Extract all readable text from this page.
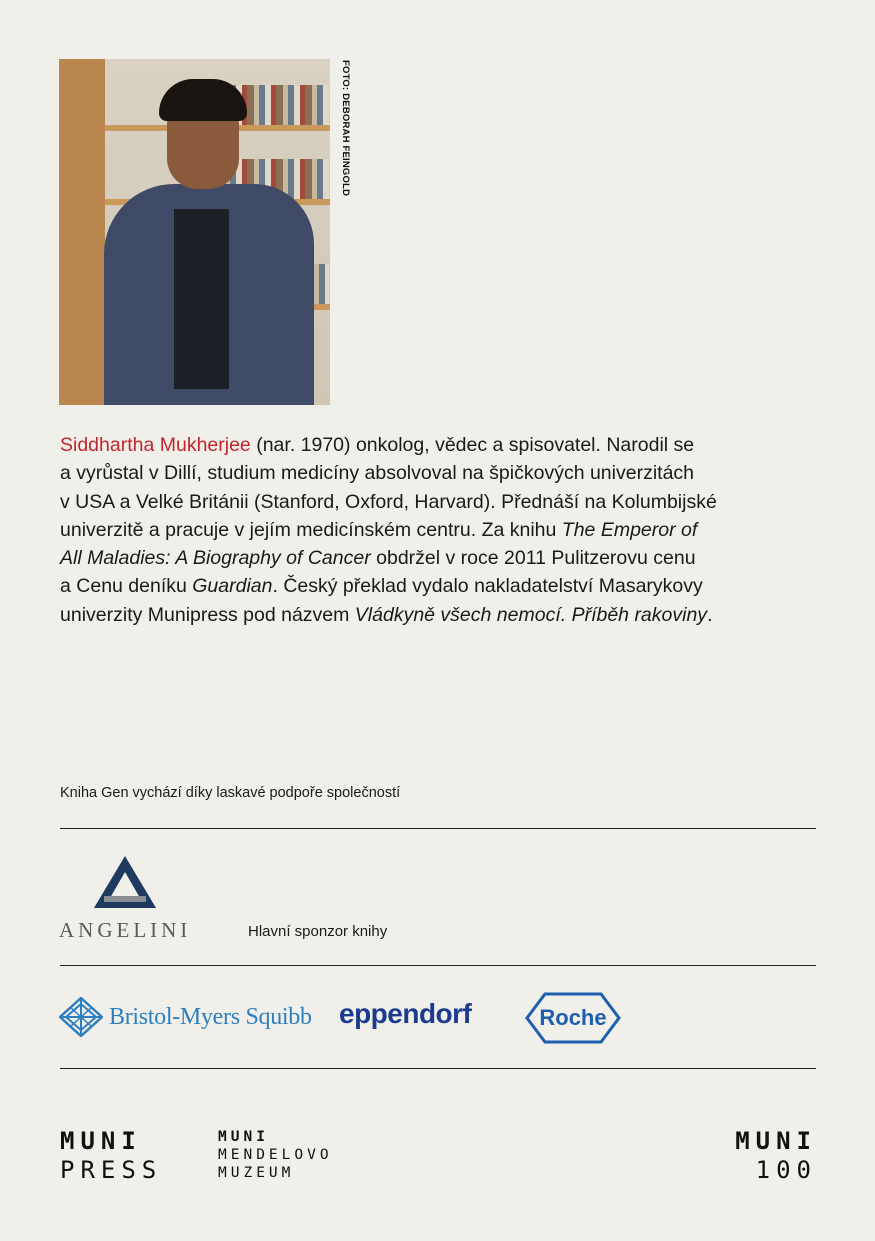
FOTO: DEBORAH FEINGOLD
Siddhartha Mukherjee (nar. 1970) onkolog, vědec a spisovatel. Narodil se
a vyrůstal v Dillí, studium medicíny absolvoval na špičkových univerzitách
v USA a Velké Británii (Stanford, Oxford, Harvard). Přednáší na Kolumbijské
univerzitě a pracuje v jejím medicínském centru. Za knihu The Emperor of
All Maladies: A Biography of Cancer obdržel v roce 2011 Pulitzerovu cenu
a Cenu deníku Guardian. Český překlad vydalo nakladatelství Masarykovy
univerzity Munipress pod názvem Vládkyně všech nemocí. Příběh rakoviny.
Kniha Gen vychází díky laskavé podpoře společností
ANGELINI	Hlavní sponzor knihy
Bristol-Myers Squibb eppendorf	Roche
MUNI
PRESS
MUNI
MENDELOVO
MUZEUM
MUNI
100
